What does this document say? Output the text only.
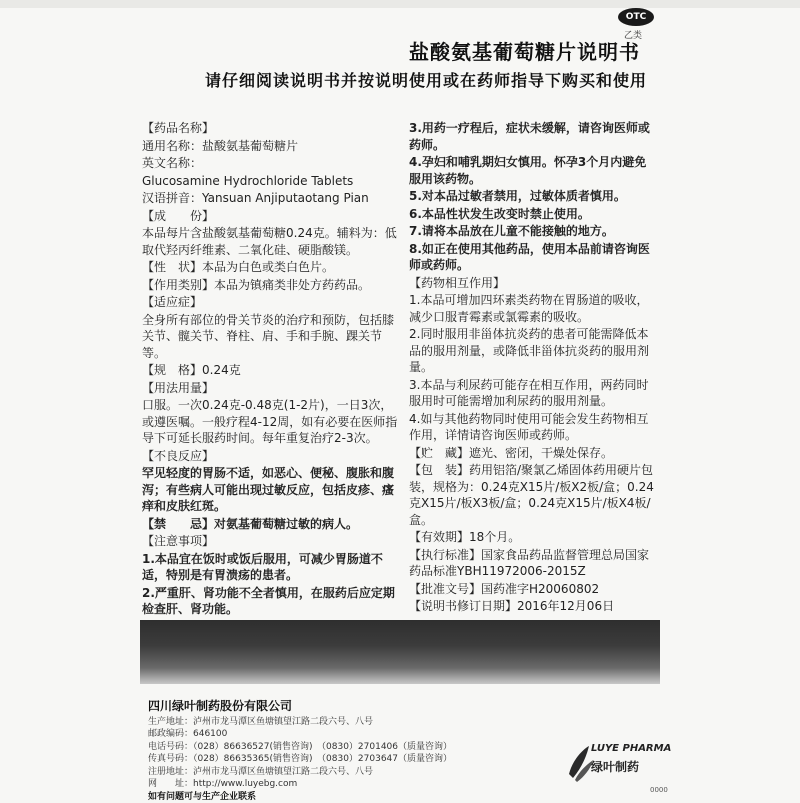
OTC
乙类
盐酸氨基葡萄糖片说明书
请仔细阅读说明书并按说明使用或在药师指导下购买和使用

【药品名称】

通用名称：盐酸氨基葡萄糖片

英文名称：

Glucosamine Hydrochloride Tablets

汉语拼音：Yansuan Anjiputaotang Pian

【成　　份】

本品每片含盐酸氨基葡萄糖0.24克。辅料为：低取代羟丙纤维素、二氧化硅、硬脂酸镁。

【性　状】本品为白色或类白色片。

【作用类别】本品为镇痛类非处方药药品。

【适应症】

全身所有部位的骨关节炎的治疗和预防，包括膝关节、髋关节、脊柱、肩、手和手腕、踝关节等。

【规　格】0.24克

【用法用量】

口服。一次0.24克-0.48克(1-2片)，一日3次，或遵医嘱。一般疗程4-12周，如有必要在医师指导下可延长服药时间。每年重复治疗2-3次。

【不良反应】

罕见轻度的胃肠不适，如恶心、便秘、腹胀和腹泻；有些病人可能出现过敏反应，包括皮疹、瘙痒和皮肤红斑。

【禁　　忌】对氨基葡萄糖过敏的病人。

【注意事项】

1.本品宜在饭时或饭后服用，可减少胃肠道不适，特别是有胃溃疡的患者。

2.严重肝、肾功能不全者慎用，在服药后应定期检查肝、肾功能。

3.用药一疗程后，症状未缓解，请咨询医师或药师。

4.孕妇和哺乳期妇女慎用。怀孕3个月内避免服用该药物。

5.对本品过敏者禁用，过敏体质者慎用。

6.本品性状发生改变时禁止使用。

7.请将本品放在儿童不能接触的地方。

8.如正在使用其他药品，使用本品前请咨询医师或药师。

【药物相互作用】

1.本品可增加四环素类药物在胃肠道的吸收，减少口服青霉素或氯霉素的吸收。

2.同时服用非甾体抗炎药的患者可能需降低本品的服用剂量，或降低非甾体抗炎药的服用剂量。

3.本品与利尿药可能存在相互作用，两药同时服用时可能需增加利尿药的服用剂量。

4.如与其他药物同时使用可能会发生药物相互作用，详情请咨询医师或药师。

【贮　藏】遮光、密闭，干燥处保存。

【包　装】药用铝箔/聚氯乙烯固体药用硬片包装，规格为：0.24克X15片/板X2板/盒；0.24克X15片/板X3板/盒；0.24克X15片/板X4板/盒。

【有效期】18个月。

【执行标准】国家食品药品监督管理总局国家药品标准YBH11972006-2015Z

【批准文号】国药准字H20060802

【说明书修订日期】2016年12月06日

四川绿叶制药股份有限公司
生产地址：泸州市龙马潭区鱼塘镇望江路二段六号、八号
邮政编码：646100
电话号码：（028）86636527(销售咨询)　（0830）2701406（质量咨询）
传真号码：（028）86635365(销售咨询)　（0830）2703647（质量咨询）
注册地址：泸州市龙马潭区鱼塘镇望江路二段六号、八号
网　　址：http://www.luyebg.com
如有问题可与生产企业联系
LUYE PHARMA
绿叶制药
0000
